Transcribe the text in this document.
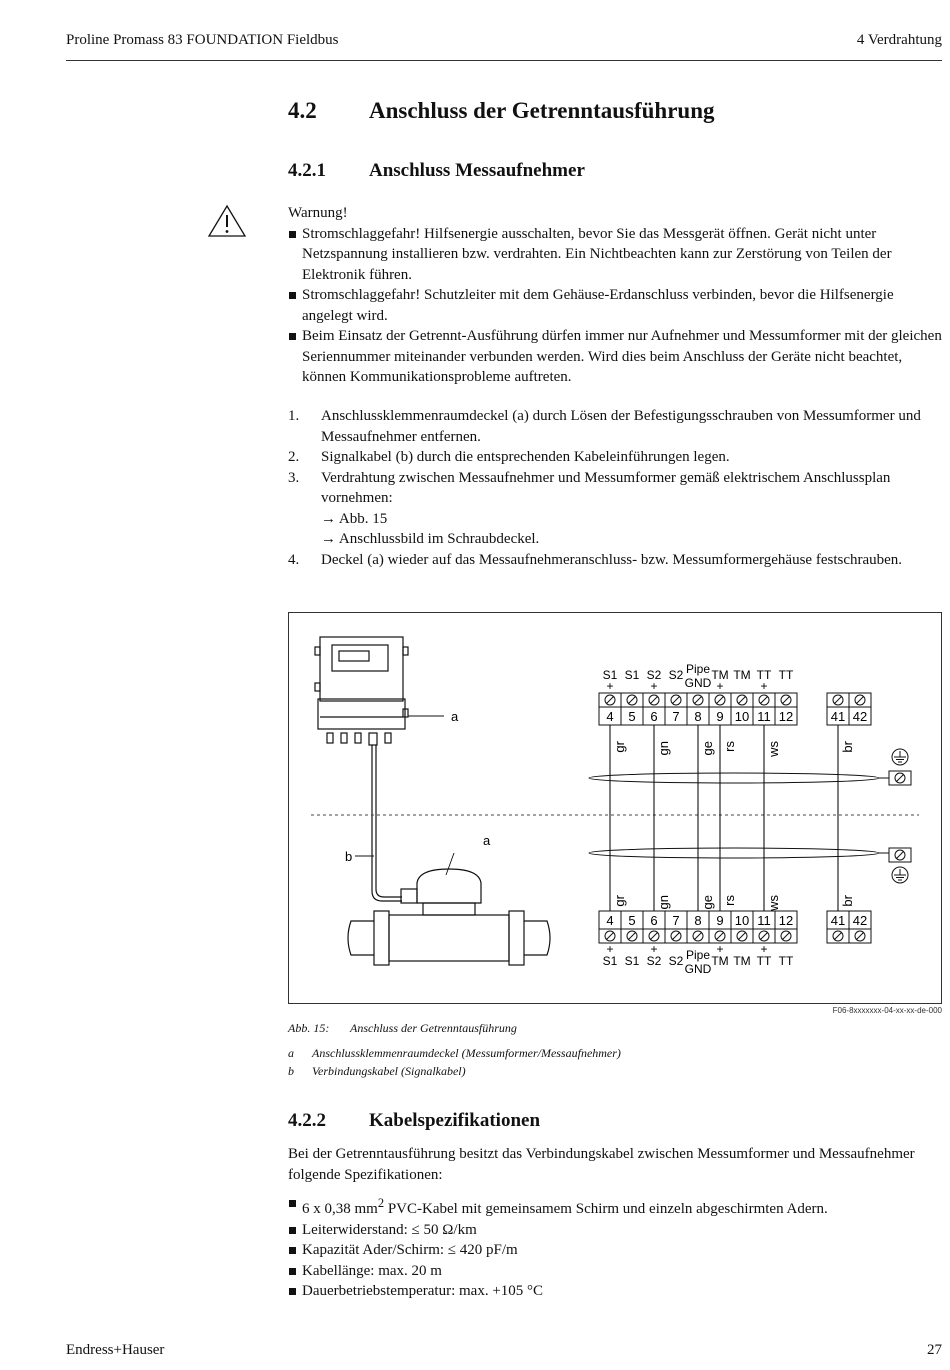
Proline Promass 83 FOUNDATION Fieldbus	4 Verdrahtung
4.2 Anschluss der Getrenntausführung
4.2.1 Anschluss Messaufnehmer
Warnung!
Stromschlaggefahr! Hilfsenergie ausschalten, bevor Sie das Messgerät öffnen. Gerät nicht unter Netzspannung installieren bzw. verdrahten. Ein Nichtbeachten kann zur Zerstörung von Teilen der Elektronik führen.
Stromschlaggefahr! Schutzleiter mit dem Gehäuse-Erdanschluss verbinden, bevor die Hilfsenergie angelegt wird.
Beim Einsatz der Getrennt-Ausführung dürfen immer nur Aufnehmer und Messumformer mit der gleichen Seriennummer miteinander verbunden werden. Wird dies beim Anschluss der Geräte nicht beachtet, können Kommunikationsprobleme auftreten.
1. Anschlussklemmenraumdeckel (a) durch Lösen der Befestigungsschrauben von Messumformer und Messaufnehmer entfernen.
2. Signalkabel (b) durch die entsprechenden Kabeleinführungen legen.
3. Verdrahtung zwischen Messaufnehmer und Messumformer gemäß elektrischem Anschlussplan vornehmen:
→ Abb. 15
→ Anschlussbild im Schraubdeckel.
4. Deckel (a) wieder auf das Messaufnehmeranschluss- bzw. Messumformergehäuse festschrauben.
a
b
a
S1
+
S1 S2
+
S2 Pipe
GND
TM
+
TM TT
+
TT
4 5 6 7 8 9 10 11 12	41 42
4 5 6 7 8 9 10 11 12	41 42
+
S1 S1
+
S2 S2 Pipe
GND
+
TM TM
+
TT TT
gr
gr
gn
gn
ge
ge
rs
rs
ws
ws
br
br
F06-8xxxxxxx-04-xx-xx-de-000
Abb. 15: Anschluss der Getrenntausführung
a Anschlussklemmenraumdeckel (Messumformer/Messaufnehmer)
b Verbindungskabel (Signalkabel)
4.2.2 Kabelspezifikationen
Bei der Getrenntausführung besitzt das Verbindungskabel zwischen Messumformer und Messaufnehmer folgende Spezifikationen:
6 x 0,38 $mm^2$ PVC-Kabel mit gemeinsamem Schirm und einzeln abgeschirmten Adern.
Leiterwiderstand: ≤ 50 Ω/km
Kapazität Ader/Schirm: ≤ 420 pF/m
Kabellänge: max. 20 m
Dauerbetriebstemperatur: max. +105 °C
Endress+Hauser	27
